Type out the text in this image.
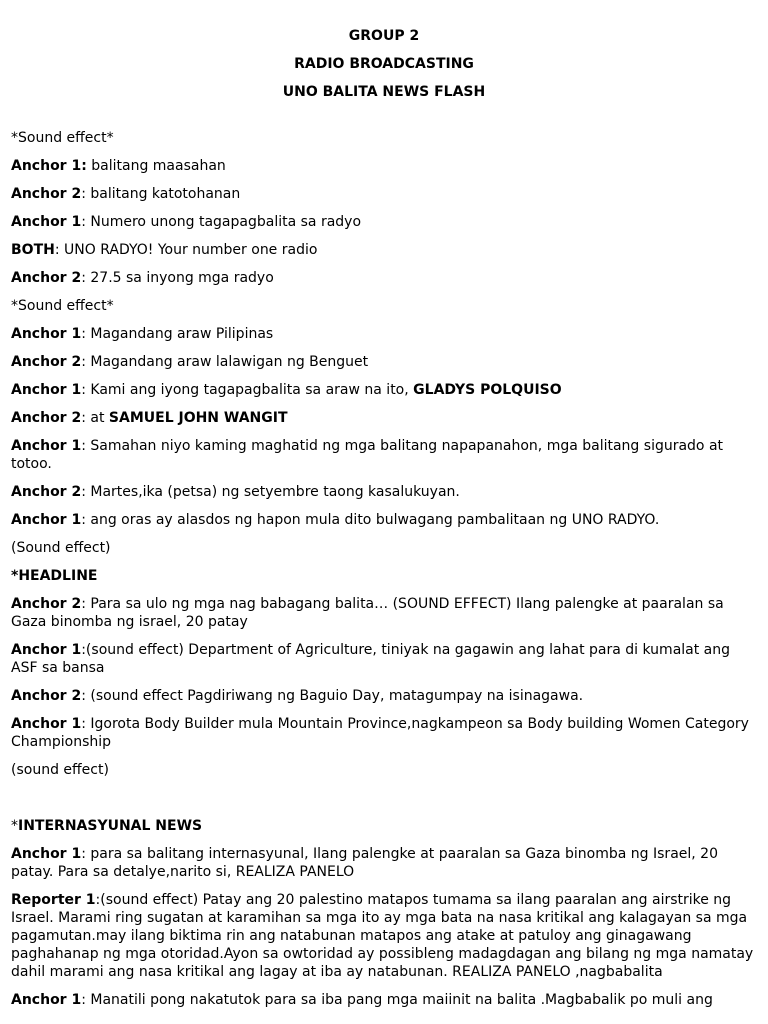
GROUP 2

RADIO BROADCASTING

UNO BALITA NEWS FLASH

*Sound effect*

Anchor 1: balitang maasahan

Anchor 2: balitang katotohanan

Anchor 1: Numero unong tagapagbalita sa radyo

BOTH: UNO RADYO! Your number one radio

Anchor 2: 27.5 sa inyong mga radyo

*Sound effect*

Anchor 1: Magandang araw Pilipinas

Anchor 2: Magandang araw lalawigan ng Benguet

Anchor 1: Kami ang iyong tagapagbalita sa araw na ito, GLADYS POLQUISO

Anchor 2: at SAMUEL JOHN WANGIT

Anchor 1: Samahan niyo kaming maghatid ng mga balitang napapanahon, mga balitang sigurado at totoo.

Anchor 2: Martes,ika (petsa) ng setyembre taong kasalukuyan.

Anchor 1: ang oras ay alasdos ng hapon mula dito bulwagang pambalitaan ng UNO RADYO.

(Sound effect)

*HEADLINE

Anchor 2: Para sa ulo ng mga nag babagang balita… (SOUND EFFECT) Ilang palengke at paaralan sa Gaza binomba ng israel, 20 patay

Anchor 1:(sound effect) Department of Agriculture, tiniyak na gagawin ang lahat para di kumalat ang ASF sa bansa

Anchor 2: (sound effect Pagdiriwang ng Baguio Day, matagumpay na isinagawa.

Anchor 1: Igorota Body Builder mula Mountain Province,nagkampeon sa Body building Women Category Championship

(sound effect)

*INTERNASYUNAL NEWS

Anchor 1: para sa balitang internasyunal, Ilang palengke at paaralan sa Gaza binomba ng Israel, 20 patay. Para sa detalye,narito si, REALIZA PANELO

Reporter 1:(sound effect) Patay ang 20 palestino matapos tumama sa ilang paaralan ang airstrike ng Israel. Marami ring sugatan at karamihan sa mga ito ay mga bata na nasa kritikal ang kalagayan sa mga pagamutan.may ilang biktima rin ang natabunan matapos ang atake at patuloy ang ginagawang paghahanap ng mga otoridad.Ayon sa owtoridad ay possibleng madagdagan ang bilang ng mga namatay dahil marami ang nasa kritikal ang lagay at iba ay natabunan. REALIZA PANELO ,nagbabalita

Anchor 1: Manatili pong nakatutok para sa iba pang mga maiinit na balita .Magbabalik po muli ang
